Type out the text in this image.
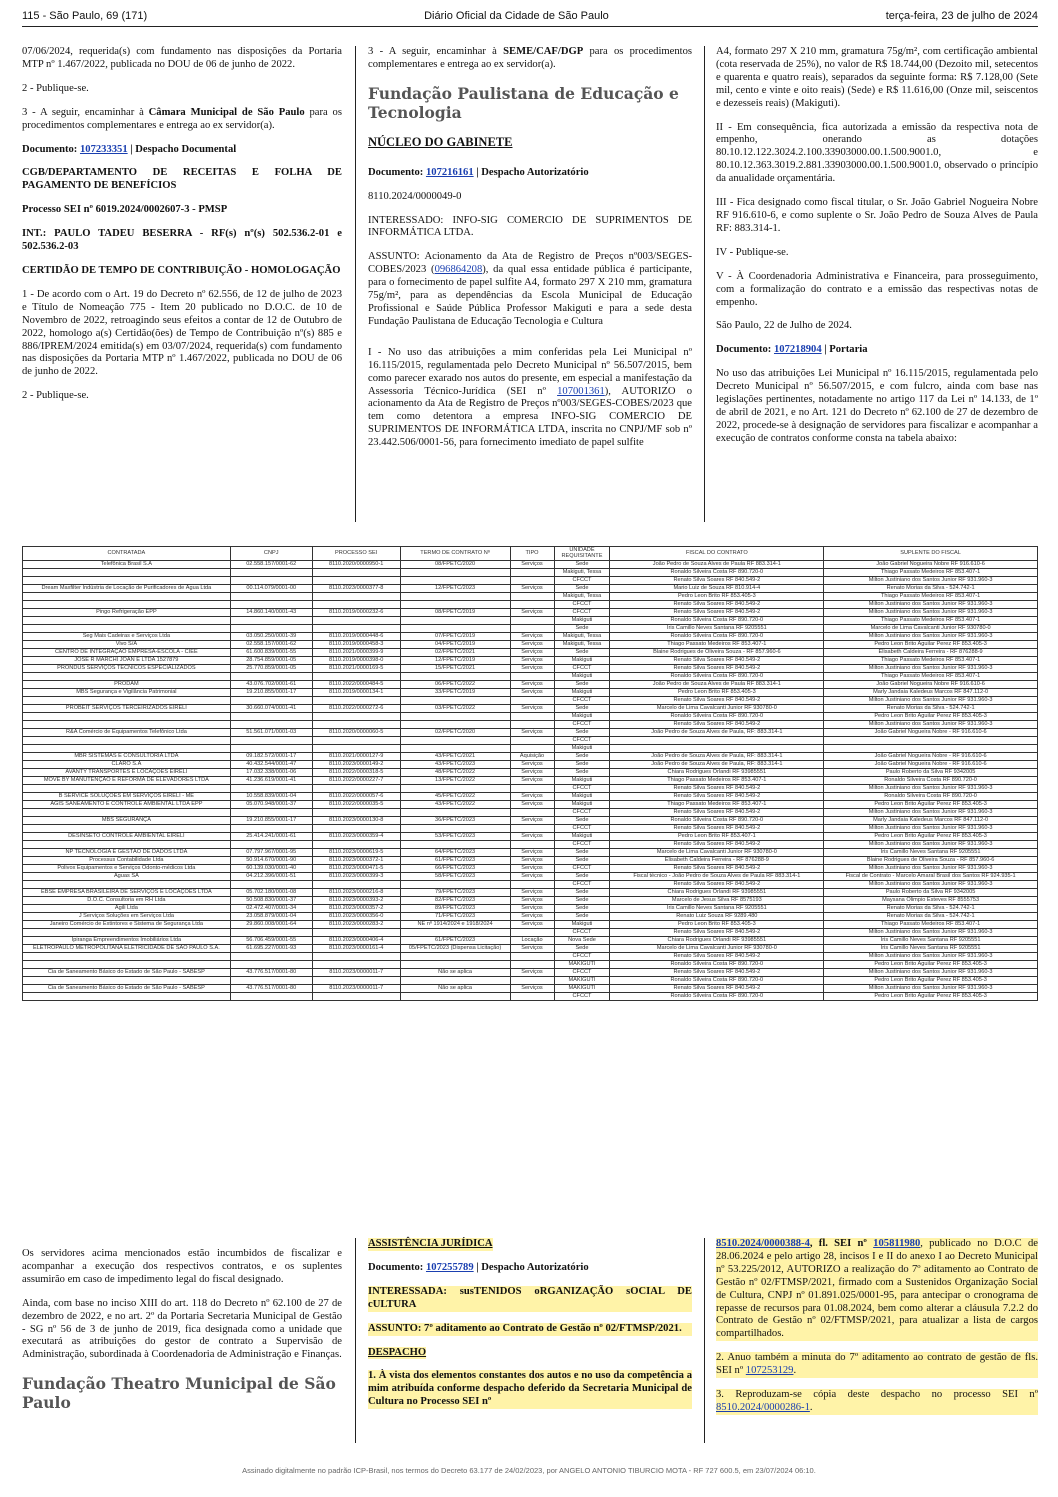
115 - São Paulo, 69 (171)	Diário Oficial da Cidade de São Paulo	terça-feira, 23 de julho de 2024

07/06/2024, requerida(s) com fundamento nas disposições da Portaria MTP nº 1.467/2022, publicada no DOU de 06 de junho de 2022.

2 - Publique-se.

3 - A seguir, encaminhar à Câmara Municipal de São Paulo para os procedimentos complementares e entrega ao ex servidor(a).

Documento: 107233351 | Despacho Documental

CGB/DEPARTAMENTO DE RECEITAS E FOLHA DE PAGAMENTO DE BENEFÍCIOS

Processo SEI nº 6019.2024/0002607-3 - PMSP

INT.: PAULO TADEU BESERRA - RF(s) nº(s) 502.536.2-01 e 502.536.2-03

CERTIDÃO DE TEMPO DE CONTRIBUIÇÃO - HOMOLOGAÇÃO

1 - De acordo com o Art. 19 do Decreto nº 62.556, de 12 de julho de 2023 e Título de Nomeação 775 - Item 20 publicado no D.O.C. de 10 de Novembro de 2022, retroagindo seus efeitos a contar de 12 de Outubro de 2022, homologo a(s) Certidão(ões) de Tempo de Contribuição nº(s) 885 e 886/IPREM/2024 emitida(s) em 03/07/2024, requerida(s) com fundamento nas disposições da Portaria MTP nº 1.467/2022, publicada no DOU de 06 de junho de 2022.

2 - Publique-se.

3 - A seguir, encaminhar à SEME/CAF/DGP para os procedimentos complementares e entrega ao ex servidor(a).

Fundação Paulistana de Educação e Tecnologia

NÚCLEO DO GABINETE

Documento: 107216161 | Despacho Autorizatório

8110.2024/0000049-0

INTERESSADO: INFO-SIG COMERCIO DE SUPRIMENTOS DE INFORMÁTICA LTDA.

ASSUNTO: Acionamento da Ata de Registro de Preços nº003/SEGES-COBES/2023 (096864208), da qual essa entidade pública é participante, para o fornecimento de papel sulfite A4, formato 297 X 210 mm, gramatura 75g/m², para as dependências da Escola Municipal de Educação Profissional e Saúde Pública Professor Makiguti e para a sede desta Fundação Paulistana de Educação Tecnologia e Cultura

I - No uso das atribuições a mim conferidas pela Lei Municipal nº 16.115/2015, regulamentada pelo Decreto Municipal nº 56.507/2015, bem como parecer exarado nos autos do presente, em especial a manifestação da Assessoria Técnico-Jurídica (SEI nº 107001361), AUTORIZO o acionamento da Ata de Registro de Preços nº003/SEGES-COBES/2023 que tem como detentora a empresa INFO-SIG COMERCIO DE SUPRIMENTOS DE INFORMÁTICA LTDA, inscrita no CNPJ/MF sob nº 23.442.506/0001-56, para fornecimento imediato de papel sulfite

A4, formato 297 X 210 mm, gramatura 75g/m², com certificação ambiental (cota reservada de 25%), no valor de R$ 18.744,00 (Dezoito mil, setecentos e quarenta e quatro reais), separados da seguinte forma: R$ 7.128,00 (Sete mil, cento e vinte e oito reais) (Sede) e R$ 11.616,00 (Onze mil, seiscentos e dezesseis reais) (Makiguti).

II - Em consequência, fica autorizada a emissão da respectiva nota de empenho, onerando as dotações 80.10.12.122.3024.2.100.33903000.00.1.500.9001.0, e 80.10.12.363.3019.2.881.33903000.00.1.500.9001.0, observado o princípio da anualidade orçamentária.

III - Fica designado como fiscal titular, o Sr. João Gabriel Nogueira Nobre RF 916.610-6, e como suplente o Sr. João Pedro de Souza Alves de Paula RF: 883.314-1.

IV - Publique-se.

V - À Coordenadoria Administrativa e Financeira, para prosseguimento, com a formalização do contrato e a emissão das respectivas notas de empenho.

São Paulo, 22 de Julho de 2024.

Documento: 107218904 | Portaria

No uso das atribuições Lei Municipal nº 16.115/2015, regulamentada pelo Decreto Municipal nº 56.507/2015, e com fulcro, ainda com base nas legislações pertinentes, notadamente no artigo 117 da Lei nº 14.133, de 1º de abril de 2021, e no Art. 121 do Decreto nº 62.100 de 27 de dezembro de 2022, procede-se à designação de servidores para fiscalizar e acompanhar a execução de contratos conforme consta na tabela abaixo:

CONTRATADA	CNPJ	PROCESSO SEI	TERMO DE CONTRATO Nº	TIPO	UNIDADE REQUISITANTE	FISCAL DO CONTRATO	SUPLENTE DO FISCAL
Telefônica Brasil S.A	02.558.157/0001-62	8110.2020/0000950-1	08/FPETC/2020	Serviços	Sede	João Pedro de Souza Alves de Paula RF 883.314-1	João Gabriel Nogueira Nobre RF 916.610-6
					Makiguti, Tessa	Ronaldo Silveira Costa RF 890.720-0	Thiago Passato Medeiros RF 853.407-1
					CFCCT	Renato Silva Soares RF 840.549-2	Milton Justiniano dos Santos Junior RF 931.960-3
Dream Maxfilter Indústria de Locação de Purificadores de Água Ltda	00.114.079/0001-00	8110.2023/0000377-8	12/FPETC/2023	Serviços	Sede	Mario Luiz de Souza RF 810.914-4	Renato Morias da Silva - 524.742-1
					Makiguti, Tessa	Pedro Leon Brito RF 853.405-3	Thiago Passato Medeiros RF 853.407-1
					CFCCT	Renato Silva Soares RF 840.549-2	Milton Justiniano dos Santos Junior RF 931.960-3
Pingo Refrigeração EPP	14.860.140/0001-43	8110.2019/0000232-6	08/FPETC/2019	Serviços	CFCCT	Renato Silva Soares RF 840.549-2	Milton Justiniano dos Santos Junior RF 931.960-3
					Makiguti	Ronaldo Silveira Costa RF 890.720-0	Thiago Passato Medeiros RF 853.407-1
					Sede	Iris Camillo Neves Santana RF 9205551	Marcelo de Lima Cavalcanti Junior RF 930780-0
Seg Mais Cadeiras e Serviços Ltda	03.050.250/0001-39	8110.2019/0000448-6	07/FPETC/2019	Serviços	Makiguti, Tessa	Ronaldo Silveira Costa RF 890.720-0	Milton Justiniano dos Santos Junior RF 931.960-3
Vivo S/A	02.558.157/0001-62	8110.2019/0000458-3	04/FPETC/2019	Serviços	Makiguti, Tessa	Thiago Passato Medeiros RF 853.407-1	Pedro Leon Brito Aguilar Perez RF 853.405-3
CENTRO DE INTEGRAÇÃO EMPRESA-ESCOLA - CIEE	61.600.839/0001-55	8110.2021/0000399-9	02/FPETC/2021	Serviços	Sede	Blaine Rodrigues de Oliveira Souza - RF 857.960-6	Elisabeth Caldeira Ferreira - RF 876288-9
JOSÉ R MARCHI JOAN E LTDA 1527879	28.754.859/0001-05	8110.2019/0000398-0	12/FPETC/2019	Serviços	Makiguti	Renato Silva Soares RF 840.549-2	Thiago Passato Medeiros RF 853.407-1
PRONDUS SERVIÇOS TÉCNICOS ESPECIALIZADOS	25.770.859/0001-05	8110.2021/0000169-5	15/FPETC/2021	Serviços	CFCCT	Renato Silva Soares RF 840.549-2	Milton Justiniano dos Santos Junior RF 931.960-3
					Makiguti	Ronaldo Silveira Costa RF 890.720-0	Thiago Passato Medeiros RF 853.407-1
PRODAM	43.076.702/0001-61	8110.2022/0000484-5	06/FPETC/2022	Serviços	Sede	João Pedro de Souza Alves de Paula RF 883.314-1	João Gabriel Nogueira Nobre RF 916.610-6
MBS Segurança e Vigilância Patrimonial	19.210.855/0001-17	8110.2019/0000134-1	33/FPETC/2019	Serviços	Makiguti	Pedro Leon Brito RF 853.405-3	Marly Jandaia Kaledeus Marcos RF 847.112-0
					CFCCT	Renato Silva Soares RF 840.549-2	Milton Justiniano dos Santos Junior RF 931.960-3
PROBEIT SERVIÇOS TERCEIRIZADOS EIRELI	30.660.074/0001-41	8110.2022/0000272-6	03/FPETC/2022	Serviços	Sede	Marcelo de Lima Cavalcanti Junior RF 930780-0	Renato Morias da Silva - 524.742-1
					Makiguti	Ronaldo Silveira Costa RF 890.720-0	Pedro Leon Brito Aguilar Perez RF 853.405-3
					CFCCT	Renato Silva Soares RF 840.549-2	Milton Justiniano dos Santos Junior RF 931.960-3
R&A Comércio de Equipamentos Telefônico Ltda	51.561.071/0001-03	8110.2020/0000060-5	02/FPETC/2020	Serviços	Sede	João Pedro de Souza Alves de Paula, RF: 883.314-1	João Gabriel Nogueira Nobre - RF 916.610-6
					CFCCT		
					Makiguti		
MBR SISTEMAS E CONSULTORIA LTDA	09.182.572/0001-17	8110.2021/0000127-9	43/FPETC/2021	Aquisição	Sede	João Pedro de Souza Alves de Paula, RF: 883.314-1	João Gabriel Nogueira Nobre - RF 916.610-6
CLARO S.A	40.432.544/0001-47	8110.2023/0000149-2	43/FPETC/2023	Serviços	Sede	João Pedro de Souza Alves de Paula, RF: 883.314-1	João Gabriel Nogueira Nobre - RF 916.610-6
AVANTY TRANSPORTES E LOCAÇÕES EIRELI	17.032.338/0001-06	8110.2022/0000318-5	48/FPETC/2022	Serviços	Sede	Chiara Rodrigues Orlandi RF 93985551	Paulo Roberto da Silva RF 9342005
MOVE BY MANUTENÇÃO E REFORMA DE ELEVADORES LTDA	41.236.619/0001-41	8110.2022/0000227-7	13/FPETC/2022	Serviços	Makiguti	Thiago Passato Medeiros RF 853.407-1	Ronaldo Silveira Costa RF 890.720-0
					CFCCT	Renato Silva Soares RF 840.549-2	Milton Justiniano dos Santos Junior RF 931.960-3
B SERVICE SOLUÇÕES EM SERVIÇOS EIRELI - ME	10.558.839/0001-04	8110.2022/0000057-6	45/FPETC/2022	Serviços	Makiguti	Renato Silva Soares RF 840.549-2	Ronaldo Silveira Costa RF 890.720-0
AGIS SANEAMENTO E CONTROLE AMBIENTAL LTDA EPP	05.070.948/0001-37	8110.2022/0000035-5	43/FPETC/2022	Serviços	Makiguti	Thiago Passato Medeiros RF 853.407-1	Pedro Leon Brito Aguilar Perez RF 853.405-3
					CFCCT	Renato Silva Soares RF 840.549-2	Milton Justiniano dos Santos Junior RF 931.960-3
MBS SEGURANÇA	19.210.855/0001-17	8110.2023/0000130-8	36/FPETC/2023	Serviços	Sede	Ronaldo Silveira Costa RF 890.720-0	Marly Jandaia Kaledeus Marcos RF 847.112-0
					CFCCT	Renato Silva Soares RF 840.549-2	Milton Justiniano dos Santos Junior RF 931.960-3
DESINSETO CONTROLE AMBIENTAL EIRELI	25.414.241/0001-61	8110.2023/0000359-4	53/FPETC/2023	Serviços	Makiguti	Pedro Leon Brito RF 853.407-1	Pedro Leon Brito Aguilar Perez RF 853.405-3
					CFCCT	Renato Silva Soares RF 840.549-2	Milton Justiniano dos Santos Junior RF 931.960-3
NP TECNOLOGIA E GESTÃO DE DADOS LTDA	07.797.967/0001-95	8110.2023/0000619-5	64/FPETC/2023	Serviços	Sede	Marcelo de Lima Cavalcanti Junior RF 930780-0	Iris Camillo Neves Santana RF 9205551
Processus Contabilidade Ltda	50.914.670/0001-90	8110.2023/0000372-1	61/FPETC/2023	Serviços	Sede	Elisabeth Caldeira Ferreira - RF 876288-9	Blaine Rodrigues de Oliveira Souza - RF 857.960-6
Polivox Equipamentos e Serviços Odonto-médicos Ltda	60.139.030/0001-40	8110.2023/0000471-5	66/FPETC/2023	Serviços	CFCCT	Renato Silva Soares RF 840.549-2	Milton Justiniano dos Santos Junior RF 931.960-3
Aguas SA	04.212.396/0001-51	8110.2023/0000399-3	58/FPETC/2023	Serviços	Sede	Fiscal técnico - João Pedro de Souza Alves de Paula RF 883.314-1	Fiscal de Contrato - Marcelo Amaral Brasil dos Santos RF 924.935-1
					CFCCT	Renato Silva Soares RF 840.549-2	Milton Justiniano dos Santos Junior RF 931.960-3
EBSE EMPRESA BRASILEIRA DE SERVIÇOS E LOCAÇÕES LTDA	05.702.180/0001-08	8110.2023/0000216-8	79/FPETC/2023	Serviços	Sede	Chiara Rodrigues Orlandi RF 93985551	Paulo Roberto da Silva RF 9342005
D.O.C. Consultoria em RH Ltda	50.508.830/0001-37	8110.2023/0000393-2	82/FPETC/2023	Serviços	Sede	Marcelo de Jesus Silva RF 8575193	Maysana Olimpio Esteves RF 8555753
Agili Ltda	02.472.407/0001-34	8110.2023/0000357-2	89/FPETC/2023	Serviços	Sede	Iris Camillo Neves Santana RF 9205551	Renato Morias da Silva - 524.742-1
J Serviços Soluções em Serviços Ltda	23.058.879/0001-04	8110.2023/0000356-0	71/FPETC/2023	Serviços	Sede	Renato Luiz Souza RF 9289.480	Renato Morias da Silva - 524.742-1
Janeiro Comércio de Extintores e Sistema de Segurança Ltda	29.860.008/0001-64	8110.2023/0000283-2	NE nº 1914/2024 e 1918/2024	Serviços	Makiguti	Pedro Leon Brito RF 853.405-3	Thiago Passato Medeiros RF 853.407-1
					CFCCT	Renato Silva Soares RF 840.549-2	Milton Justiniano dos Santos Junior RF 931.960-3
Ipiranga Empreendimentos Imobiliários Ltda	56.706.459/0001-55	8110.2023/0000406-4	61/FPETC/2023	Locação	Nova Sede	Chiara Rodrigues Orlandi RF 93985551	Iris Camillo Neves Santana RF 9205551
ELETROPAULO METROPOLITANA ELETRICIDADE DE SÃO PAULO S.A.	61.695.227/0001-93	8110.2023/0000161-4	05/FPETC/2023 (Dispensa Licitação)	Serviços	Sede	Marcelo de Lima Cavalcanti Junior RF 930780-0	Iris Camillo Neves Santana RF 9205551
					CFCCT	Renato Silva Soares RF 840.549-2	Milton Justiniano dos Santos Junior RF 931.960-3
					MAKIGUTI	Ronaldo Silveira Costa RF 890.720-0	Pedro Leon Brito Aguilar Perez RF 853.405-3
Cia de Saneamento Básico do Estado de São Paulo - SABESP	43.776.517/0001-80	8110.2023/0000011-7	Não se aplica	Serviços	CFCCT	Renato Silva Soares RF 840.549-2	Milton Justiniano dos Santos Junior RF 931.960-3
					MAKIGUTI	Ronaldo Silveira Costa RF 890.720-0	Pedro Leon Brito Aguilar Perez RF 853.405-3
Cia de Saneamento Básico do Estado de São Paulo - SABESP	43.776.517/0001-80	8110.2023/0000011-7	Não se aplica	Serviços	MAKIGUTI	Renato Silva Soares RF 840.549-2	Milton Justiniano dos Santos Junior RF 931.960-3
					CFCCT	Ronaldo Silveira Costa RF 890.720-0	Pedro Leon Brito Aguilar Perez RF 853.405-3

Os servidores acima mencionados estão incumbidos de fiscalizar e acompanhar a execução dos respectivos contratos, e os suplentes assumirão em caso de impedimento legal do fiscal designado.

Ainda, com base no inciso XIII do art. 118 do Decreto nº 62.100 de 27 de dezembro de 2022, e no art. 2º da Portaria Secretaria Municipal de Gestão - SG nº 56 de 3 de junho de 2019, fica designada como a unidade que executará as atribuições do gestor de contrato a Supervisão de Administração, subordinada à Coordenadoria de Administração e Finanças.

Fundação Theatro Municipal de São Paulo

ASSISTÊNCIA JURÍDICA

Documento: 107255789 | Despacho Autorizatório

INTERESSADA: susTENIDOS oRGANIZAÇÃO sOCIAL DE cULTURA

ASSUNTO: 7º aditamento ao Contrato de Gestão nº 02/FTMSP/2021.

DESPACHO

1. À vista dos elementos constantes dos autos e no uso da competência a mim atribuída conforme despacho deferido da Secretaria Municipal de Cultura no Processo SEI nº

8510.2024/0000388-4, fl. SEI nº 105811980, publicado no D.O.C de 28.06.2024 e pelo artigo 28, incisos I e II do anexo I ao Decreto Municipal nº 53.225/2012, AUTORIZO a realização do 7º aditamento ao Contrato de Gestão nº 02/FTMSP/2021, firmado com a Sustenidos Organização Social de Cultura, CNPJ nº 01.891.025/0001-95, para antecipar o cronograma de repasse de recursos para 01.08.2024, bem como alterar a cláusula 7.2.2 do Contrato de Gestão nº 02/FTMSP/2021, para atualizar a lista de cargos compartilhados.

2. Anuo também a minuta do 7º aditamento ao contrato de gestão de fls. SEI nº 107253129.

3. Reproduzam-se cópia deste despacho no processo SEI nº 8510.2024/0000286-1.

Assinado digitalmente no padrão ICP-Brasil, nos termos do Decreto 63.177 de 24/02/2023, por ANGELO ANTONIO TIBURCIO MOTA - RF 727 600.5, em 23/07/2024 06:10.
